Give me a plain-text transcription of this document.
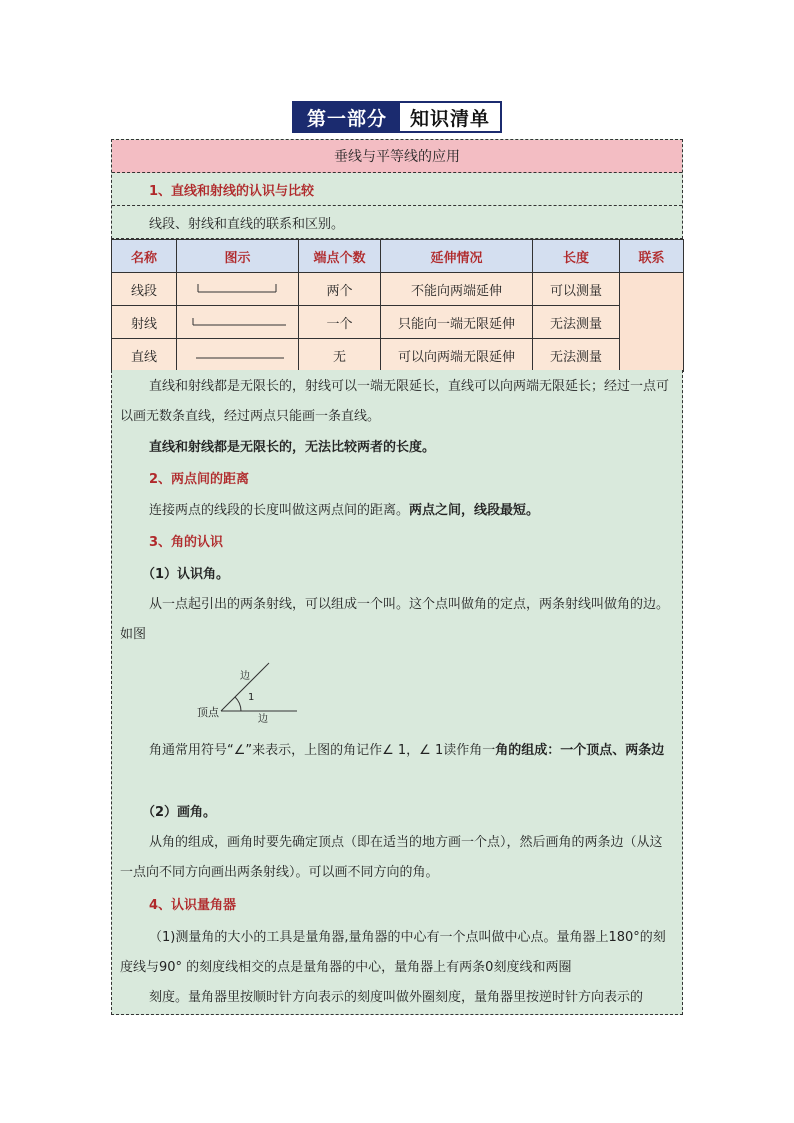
第一部分	知识清单
垂线与平等线的应用
1、直线和射线的认识与比较
线段、射线和直线的联系和区别。
名称	图示	端点个数	延伸情况	长度	联系
线段		两个	不能向两端延伸	可以测量	
射线		一个	只能向一端无限延伸	无法测量	
直线		无	可以向两端无限延伸	无法测量	
直线和射线都是无限长的，射线可以一端无限延长，直线可以向两端无限延长；经过一点可以画无数条直线，经过两点只能画一条直线。
直线和射线都是无限长的，无法比较两者的长度。
2、两点间的距离
连接两点的线段的长度叫做这两点间的距离。两点之间，线段最短。
3、角的认识
（1）认识角。
从一点起引出的两条射线，可以组成一个叫。这个点叫做角的定点，两条射线叫做角的边。如图
边
1
顶点
边
角通常用符号“∠”来表示，上图的角记作∠ 1，∠ 1读作角一角的组成：一个顶点、两条边
（2）画角。
从角的组成，画角时要先确定顶点（即在适当的地方画一个点），然后画角的两条边（从这一点向不同方向画出两条射线）。可以画不同方向的角。
4、认识量角器
（1)测量角的大小的工具是量角器,量角器的中心有一个点叫做中心点。量角器上180°的刻度线与90° 的刻度线相交的点是量角器的中心，量角器上有两条0刻度线和两圈
刻度。量角器里按顺时针方向表示的刻度叫做外圈刻度，量角器里按逆时针方向表示的
